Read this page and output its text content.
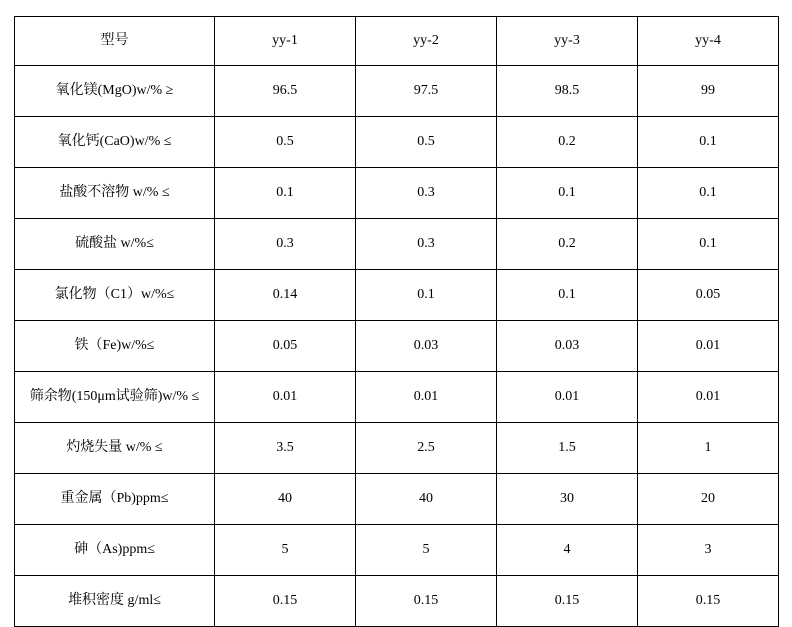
型号	yy-1	yy-2	yy-3	yy-4
氧化镁(MgO)w/% ≥	96.5	97.5	98.5	99
氧化钙(CaO)w/% ≤	0.5	0.5	0.2	0.1
盐酸不溶物 w/% ≤	0.1	0.3	0.1	0.1
硫酸盐 w/%≤	0.3	0.3	0.2	0.1
氯化物（C1）w/%≤	0.14	0.1	0.1	0.05
铁（Fe)w/%≤	0.05	0.03	0.03	0.01
筛余物(150μm试验筛)w/% ≤	0.01	0.01	0.01	0.01
灼烧失量 w/% ≤	3.5	2.5	1.5	1
重金属（Pb)ppm≤	40	40	30	20
砷（As)ppm≤	5	5	4	3
堆积密度 g/ml≤	0.15	0.15	0.15	0.15
